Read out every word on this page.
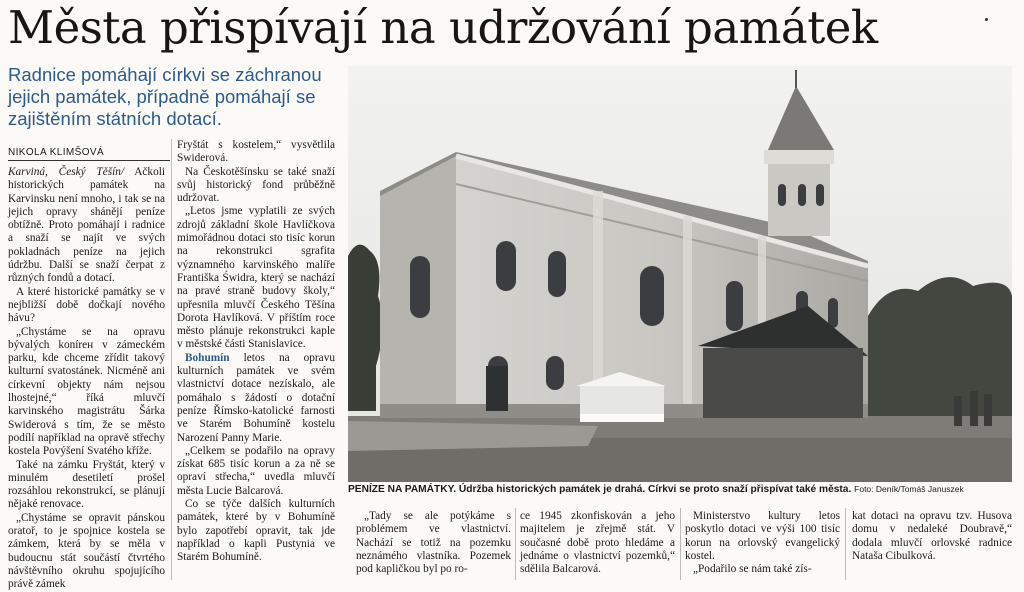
Města přispívají na udržování památek
Radnice pomáhají církvi se záchranou jejich památek, případně pomáhají se zajištěním státních dotací.
NIKOLA KLIMŠOVÁ

Karviná, Český Těšín/ Ačkoli historických památek na Karvinsku není mnoho, i tak se na jejich opravy shánějí peníze obtížně. Proto pomáhají i radnice a snaží se najít ve svých pokladnách peníze na jejich údržbu. Další se snaží čerpat z různých fondů a dotací.

A které historické památky se v nejbližší době dočkají nového hávu?

„Chystáme se na opravu bývalých konírен v zámeckém parku, kde chceme zřídit takový kulturní svatostánek. Nicméně ani církevní objekty nám nejsou lhostejné,“ říká mluvčí karvinského magistrátu Šárka Swiderová s tím, že se město podílí například na opravě střechy kostela Povýšení Svatého kříže.

Také na zámku Fryštát, který v minulém desetiletí prošel rozsáhlou rekonstrukcí, se plánují nějaké renovace.

„Chystáme se opravit pánskou oratoř, to je spojnice kostela se zámkem, která by se měla v budoucnu stát součástí čtvrtého návštěvního okruhu spojujícího právě zámek

Fryštát s kostelem,“ vysvětlila Swiderová.

Na Českotěšínsku se také snaží svůj historický fond průběžně udržovat.

„Letos jsme vyplatili ze svých zdrojů základní škole Havlíčkova mimořádnou dotaci sto tisíc korun na rekonstrukci sgrafita významného karvinského malíře Františka Świdra, který se nachází na pravé straně budovy školy,“ upřesnila mluvčí Českého Těšína Dorota Havlíková. V příštím roce město plánuje rekonstrukci kaple v městské části Stanislavice.

Bohumín letos na opravu kulturních památek ve svém vlastnictví dotace nezískalo, ale pomáhalo s žádostí o dotační peníze Římsko-katolické farnosti ve Starém Bohumíně kostelu Narození Panny Marie.

„Celkem se podařilo na opravy získat 685 tisíc korun a za ně se opraví střecha,“ uvedla mluvčí města Lucie Balcarová.

Co se týče dalších kulturních památek, které by v Bohumíně bylo zapotřebí opravit, tak jde například o kapli Pustynia ve Starém Bohumíně.

PENÍZE NA PAMÁTKY. Údržba historických památek je drahá. Církvi se proto snaží přispívat také města. Foto: Deník/Tomáš Januszek

„Tady se ale potýkáme s problémem ve vlastnictví. Nachází se totiž na pozemku neznámého vlastníka. Pozemek pod kapličkou byl po ro-

ce 1945 zkonfiskován a jeho majitelem je zřejmě stát. V současné době proto hledáme a jednáme o vlastnictví pozemků,“ sdělila Balcarová.

Ministerstvo kultury letos poskytlo dotaci ve výši 100 tisíc korun na orlovský evangelický kostel.

„Podařilo se nám také zís-

kat dotaci na opravu tzv. Husova domu v nedaleké Doubravě,“ dodala mluvčí orlovské radnice Nataša Cibulková.
